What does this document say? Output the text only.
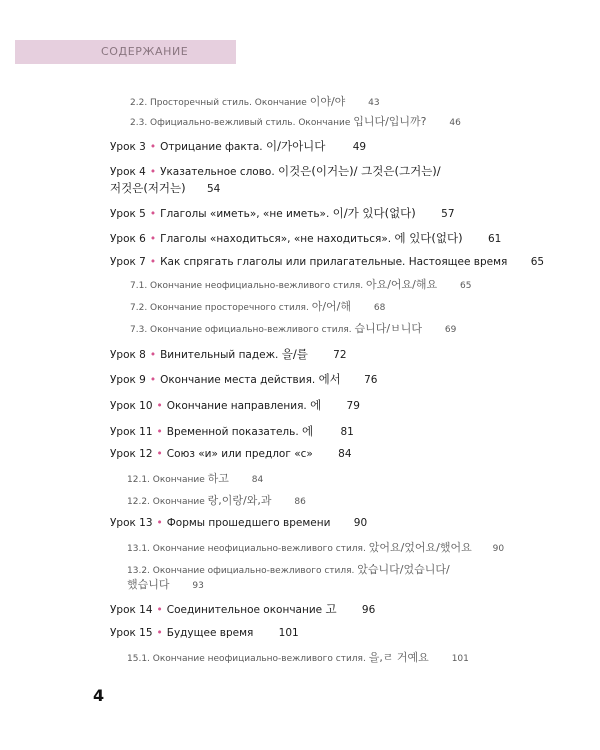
СОДЕРЖАНИЕ
2.2. Просторечный стиль. Окончание 이야/야	43
2.3. Официально-вежливый стиль. Окончание 입니다/입니까?	46
Урок 3 • Отрицание факта. 이/가아니다	49
Урок 4 • Указательное слово. 이것은(이거는)/ 그것은(그거는)/
저것은(저거는) 54
Урок 5 • Глаголы «иметь», «не иметь». 이/가 있다(없다) 57
Урок 6 • Глаголы «находиться», «не находиться». 에 있다(없다) 61
Урок 7 • Как спрягать глаголы или прилагательные. Настоящее время 65
7.1. Окончание неофициально-вежливого стиля. 아요/어요/해요	65
7.2. Окончание просторечного стиля. 아/어/해	68
7.3. Окончание официально-вежливого стиля. 습니다/ㅂ니다	69
Урок 8 • Винительный падеж. 을/를 72
Урок 9 • Окончание места действия. 에서 76
Урок 10 • Окончание направления. 에 79
Урок 11 • Временной показатель. 에	81
Урок 12 • Союз «и» или предлог «с» 84
12.1. Окончание 하고	84
12.2. Окончание 랑,이랑/와,과	86
Урок 13 • Формы прошедшего времени 90
13.1. Окончание неофициально-вежливого стиля. 았어요/었어요/했어요 90
13.2. Окончание официально-вежливого стиля. 았습니다/었습니다/
했습니다	93
Урок 14 • Соединительное окончание 고 96
Урок 15 • Будущее время 101
15.1. Окончание неофициально-вежливого стиля. 을,ㄹ 거예요	101
4
